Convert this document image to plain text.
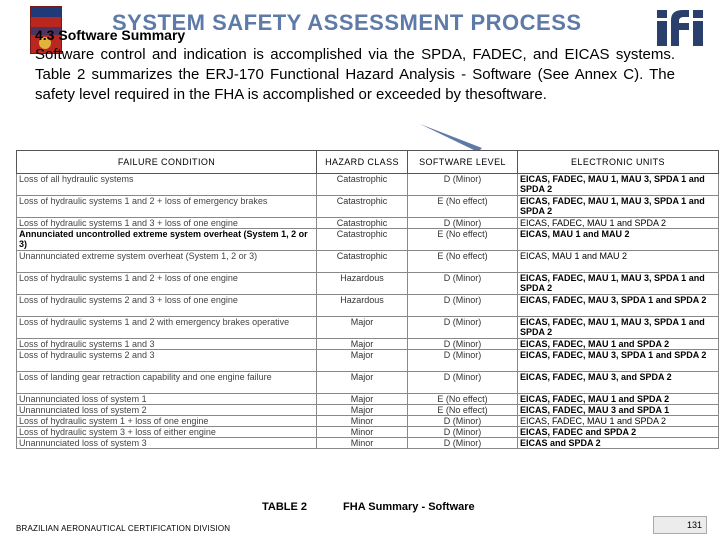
SYSTEM SAFETY ASSESSMENT PROCESS
4.3 Software Summary
Software control and indication is accomplished via the SPDA, FADEC, and EICAS systems. Table 2 summarizes the ERJ-170 Functional Hazard Analysis - Software (See Annex C). The safety level required in the FHA is accomplished or exceeded by thesoftware.
FAILURE CONDITION	HAZARD CLASS	SOFTWARE LEVEL	ELECTRONIC UNITS
Loss of all hydraulic systems	Catastrophic	D (Minor)	EICAS, FADEC, MAU 1, MAU 3, SPDA 1 and SPDA 2
Loss of hydraulic systems 1 and 2 + loss of emergency brakes	Catastrophic	E (No effect)	EICAS, FADEC, MAU 1, MAU 3, SPDA 1 and SPDA 2
Loss of hydraulic systems 1 and 3 + loss of one engine	Catastrophic	D (Minor)	EICAS, FADEC, MAU 1 and SPDA 2
Annunciated uncontrolled extreme system overheat (System 1, 2 or 3)	Catastrophic	E (No effect)	EICAS, MAU 1 and MAU 2
Unannunciated extreme system overheat (System 1, 2 or 3)	Catastrophic	E (No effect)	EICAS, MAU 1 and MAU 2
Loss of hydraulic systems 1 and 2 + loss of one engine	Hazardous	D (Minor)	EICAS, FADEC, MAU 1, MAU 3, SPDA 1 and SPDA 2
Loss of hydraulic systems 2 and 3 + loss of one engine	Hazardous	D (Minor)	EICAS, FADEC, MAU 3, SPDA 1 and SPDA 2
Loss of hydraulic systems 1 and 2 with emergency brakes operative	Major	D (Minor)	EICAS, FADEC, MAU 1, MAU 3, SPDA 1 and SPDA 2
Loss of hydraulic systems 1 and 3	Major	D (Minor)	EICAS, FADEC, MAU 1 and SPDA 2
Loss of hydraulic systems 2 and 3	Major	D (Minor)	EICAS, FADEC, MAU 3, SPDA 1 and SPDA 2
Loss of landing gear retraction capability and one engine failure	Major	D (Minor)	EICAS, FADEC, MAU 3, and SPDA 2
Unannunciated loss of system 1	Major	E (No effect)	EICAS, FADEC, MAU 1 and SPDA 2
Unannunciated loss of system 2	Major	E (No effect)	EICAS, FADEC, MAU 3 and SPDA 1
Loss of hydraulic system 1 + loss of one engine	Minor	D (Minor)	EICAS, FADEC, MAU 1 and SPDA 2
Loss of hydraulic system 3 + loss of either engine	Minor	D (Minor)	EICAS, FADEC and SPDA 2
Unannunciated loss of system 3	Minor	D (Minor)	EICAS and SPDA 2
TABLE 2	FHA Summary - Software
BRAZILIAN AERONAUTICAL CERTIFICATION DIVISION	131
